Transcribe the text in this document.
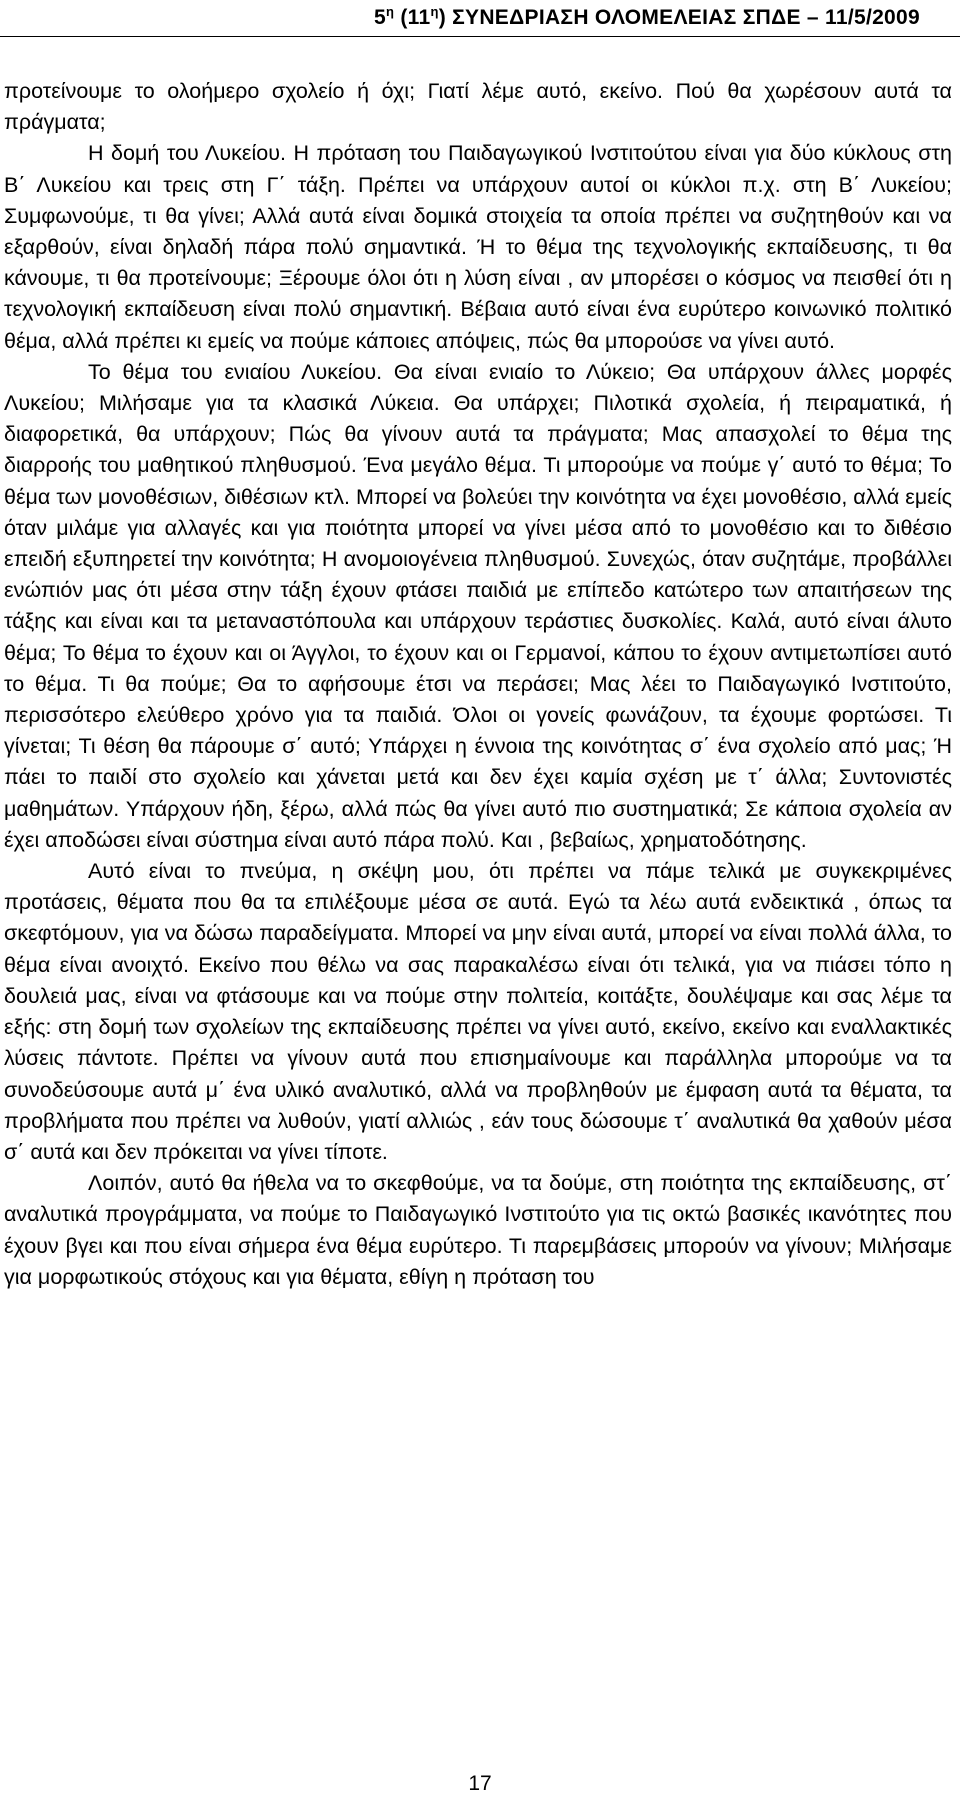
$5^\eta$ $(11^\eta)$ ΣΥΝΕΔΡΙΑΣΗ ΟΛΟΜΕΛΕΙΑΣ ΣΠΔΕ – 11/5/2009

προτείνουμε το ολοήμερο σχολείο ή όχι; Γιατί λέμε αυτό, εκείνο. Πού θα χωρέσουν αυτά τα πράγματα;

Η δομή του Λυκείου. Η πρόταση του Παιδαγωγικού Ινστιτούτου είναι για δύο κύκλους στη Β΄ Λυκείου και τρεις στη Γ΄ τάξη. Πρέπει να υπάρχουν αυτοί οι κύκλοι π.χ. στη Β΄ Λυκείου; Συμφωνούμε, τι θα γίνει; Αλλά αυτά είναι δομικά στοιχεία τα οποία πρέπει να συζητηθούν και να εξαρθούν, είναι δηλαδή πάρα πολύ σημαντικά. Ή το θέμα της τεχνολογικής εκπαίδευσης, τι θα κάνουμε, τι θα προτείνουμε; Ξέρουμε όλοι ότι η λύση είναι , αν μπορέσει ο κόσμος να πεισθεί ότι η τεχνολογική εκπαίδευση είναι πολύ σημαντική. Βέβαια αυτό είναι ένα ευρύτερο κοινωνικό πολιτικό θέμα, αλλά πρέπει κι εμείς να πούμε κάποιες απόψεις, πώς θα μπορούσε να γίνει αυτό.

Το θέμα του ενιαίου Λυκείου. Θα είναι ενιαίο το Λύκειο; Θα υπάρχουν άλλες μορφές Λυκείου; Μιλήσαμε για τα κλασικά Λύκεια. Θα υπάρχει; Πιλοτικά σχολεία, ή πειραματικά, ή διαφορετικά, θα υπάρχουν; Πώς θα γίνουν αυτά τα πράγματα; Μας απασχολεί το θέμα της διαρροής του μαθητικού πληθυσμού. Ένα μεγάλο θέμα. Τι μπορούμε να πούμε γ΄ αυτό το θέμα; Το θέμα των μονοθέσιων, διθέσιων κτλ. Μπορεί να βολεύει την κοινότητα να έχει μονοθέσιο, αλλά εμείς όταν μιλάμε για αλλαγές και για ποιότητα μπορεί να γίνει μέσα από το μονοθέσιο και το διθέσιο επειδή εξυπηρετεί την κοινότητα; Η ανομοιογένεια πληθυσμού. Συνεχώς, όταν συζητάμε, προβάλλει ενώπιόν μας ότι μέσα στην τάξη έχουν φτάσει παιδιά με επίπεδο κατώτερο των απαιτήσεων της τάξης και είναι και τα μεταναστόπουλα και υπάρχουν τεράστιες δυσκολίες. Καλά, αυτό είναι άλυτο θέμα; Το θέμα το έχουν και οι Άγγλοι, το έχουν και οι Γερμανοί, κάπου το έχουν αντιμετωπίσει αυτό το θέμα. Τι θα πούμε; Θα το αφήσουμε έτσι να περάσει; Μας λέει το Παιδαγωγικό Ινστιτούτο, περισσότερο ελεύθερο χρόνο για τα παιδιά. Όλοι οι γονείς φωνάζουν, τα έχουμε φορτώσει. Τι γίνεται; Τι θέση θα πάρουμε σ΄ αυτό; Υπάρχει η έννοια της κοινότητας σ΄ ένα σχολείο από μας; Ή πάει το παιδί στο σχολείο και χάνεται μετά και δεν έχει καμία σχέση με τ΄ άλλα; Συντονιστές μαθημάτων. Υπάρχουν ήδη, ξέρω, αλλά πώς θα γίνει αυτό πιο συστηματικά; Σε κάποια σχολεία αν έχει αποδώσει είναι σύστημα είναι αυτό πάρα πολύ. Και , βεβαίως, χρηματοδότησης.

Αυτό είναι το πνεύμα, η σκέψη μου, ότι πρέπει να πάμε τελικά με συγκεκριμένες προτάσεις, θέματα που θα τα επιλέξουμε μέσα σε αυτά. Εγώ τα λέω αυτά ενδεικτικά , όπως τα σκεφτόμουν, για να δώσω παραδείγματα. Μπορεί να μην είναι αυτά, μπορεί να είναι πολλά άλλα, το θέμα είναι ανοιχτό. Εκείνο που θέλω να σας παρακαλέσω είναι ότι τελικά, για να πιάσει τόπο η δουλειά μας, είναι να φτάσουμε και να πούμε στην πολιτεία, κοιτάξτε, δουλέψαμε και σας λέμε τα εξής: στη δομή των σχολείων της εκπαίδευσης πρέπει να γίνει αυτό, εκείνο, εκείνο και εναλλακτικές λύσεις πάντοτε. Πρέπει να γίνουν αυτά που επισημαίνουμε και παράλληλα μπορούμε να τα συνοδεύσουμε αυτά μ΄ ένα υλικό αναλυτικό, αλλά να προβληθούν με έμφαση αυτά τα θέματα, τα προβλήματα που πρέπει να λυθούν, γιατί αλλιώς , εάν τους δώσουμε τ΄ αναλυτικά θα χαθούν μέσα σ΄ αυτά και δεν πρόκειται να γίνει τίποτε.

Λοιπόν, αυτό θα ήθελα να το σκεφθούμε, να τα δούμε, στη ποιότητα της εκπαίδευσης, στ΄ αναλυτικά προγράμματα, να πούμε το Παιδαγωγικό Ινστιτούτο για τις οκτώ βασικές ικανότητες που έχουν βγει και που είναι σήμερα ένα θέμα ευρύτερο. Τι παρεμβάσεις μπορούν να γίνουν; Μιλήσαμε για μορφωτικούς στόχους και για θέματα, εθίγη η πρόταση του

17
